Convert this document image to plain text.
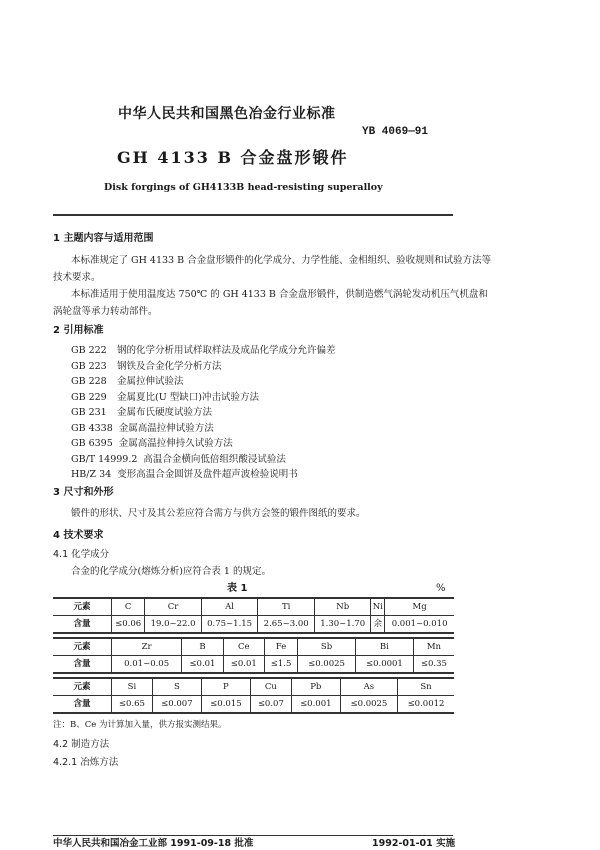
中华人民共和国黑色冶金行业标准
YB 4069—91
GH 4133 B 合金盘形锻件
Disk forgings of GH4133B head-resisting superalloy
1 主题内容与适用范围
本标准规定了 GH 4133 B 合金盘形锻件的化学成分、力学性能、金相组织、验收规则和试验方法等
技术要求。
本标准适用于使用温度达 750℃ 的 GH 4133 B 合金盘形锻件，供制造燃气涡轮发动机压气机盘和
涡轮盘等承力转动部件。
2 引用标准
GB 222 钢的化学分析用试样取样法及成品化学成分允许偏差
GB 223 钢铁及合金化学分析方法
GB 228 金属拉伸试验法
GB 229 金属夏比(U 型缺口)冲击试验方法
GB 231 金属布氏硬度试验方法
GB 4338 金属高温拉伸试验方法
GB 6395 金属高温拉伸持久试验方法
GB/T 14999.2 高温合金横向低倍组织酸浸试验法
HB/Z 34 变形高温合金圆饼及盘件超声波检验说明书
3 尺寸和外形
锻件的形状、尺寸及其公差应符合需方与供方会签的锻件图纸的要求。
4 技术要求
4.1 化学成分
合金的化学成分(熔炼分析)应符合表 1 的规定。
表 1	%
元素	C	Cr	Al	Ti	Nb	Ni	Mg
含量	≤0.06	19.0~22.0	0.75~1.15	2.65~3.00	1.30~1.70	余	0.001~0.010
元素	Zr	B	Ce	Fe	Sb	Bi	Mn
含量	0.01~0.05	≤0.01	≤0.01	≤1.5	≤0.0025	≤0.0001	≤0.35
元素	Si	S	P	Cu	Pb	As	Sn
含量	≤0.65	≤0.007	≤0.015	≤0.07	≤0.001	≤0.0025	≤0.0012
注：B、Ce 为计算加入量，供方报实测结果。
4.2 制造方法
4.2.1 冶炼方法
中华人民共和国冶金工业部 1991-09-18 批准	1992-01-01 实施
